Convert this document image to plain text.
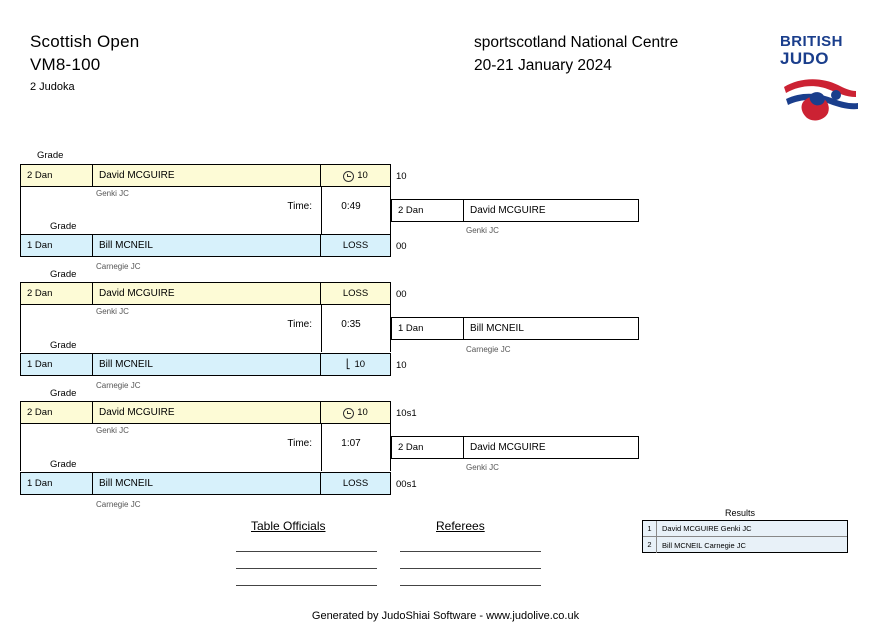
Scottish Open
VM8-100
2 Judoka
sportscotland National Centre
20-21 January 2024
BRITISH
JUDO
Grade
2 Dan	David MCGUIRE	10	10
Genki JC
Time:	0:49
Grade
1 Dan	Bill MCNEIL	LOSS	00
Carnegie JC
2 Dan	David MCGUIRE
Genki JC
Grade
2 Dan	David MCGUIRE	LOSS	00
Genki JC
Time:	0:35
Grade
1 Dan	Bill MCNEIL	⎣ 10	10
Carnegie JC
1 Dan	Bill MCNEIL
Carnegie JC
Grade
2 Dan	David MCGUIRE	10	10s1
Genki JC
Time:	1:07
Grade
1 Dan	Bill MCNEIL	LOSS	00s1
Carnegie JC
2 Dan	David MCGUIRE
Genki JC
Table Officials	Referees
Results
1	David MCGUIRE Genki JC
2	Bill MCNEIL Carnegie JC
Generated by JudoShiai Software - www.judolive.co.uk
